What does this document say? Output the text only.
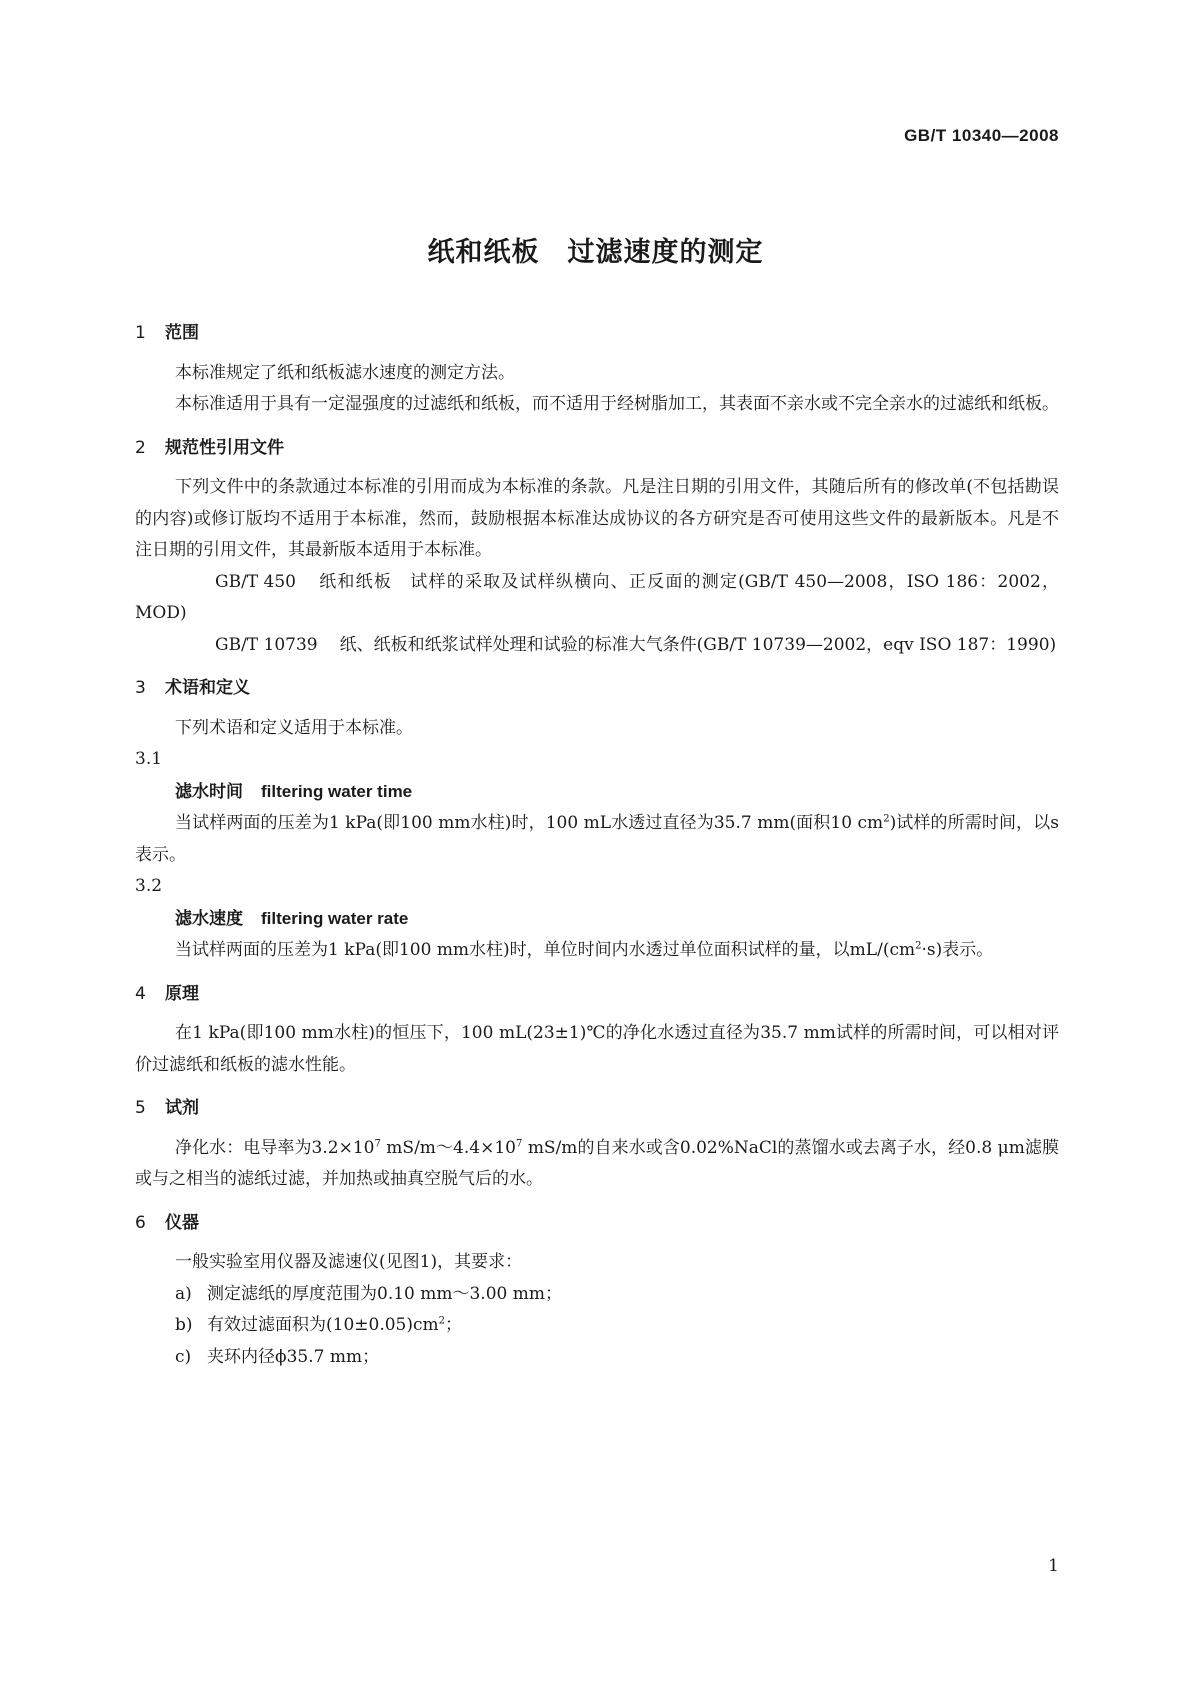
GB/T 10340—2008
纸和纸板 过滤速度的测定
1 范围

本标准规定了纸和纸板滤水速度的测定方法。

本标准适用于具有一定湿强度的过滤纸和纸板，而不适用于经树脂加工，其表面不亲水或不完全亲水的过滤纸和纸板。

2 规范性引用文件

下列文件中的条款通过本标准的引用而成为本标准的条款。凡是注日期的引用文件，其随后所有的修改单(不包括勘误的内容)或修订版均不适用于本标准，然而，鼓励根据本标准达成协议的各方研究是否可使用这些文件的最新版本。凡是不注日期的引用文件，其最新版本适用于本标准。

GB/T 450 纸和纸板　试样的采取及试样纵横向、正反面的测定(GB/T 450—2008，ISO 186：2002，MOD)

GB/T 10739 纸、纸板和纸浆试样处理和试验的标准大气条件(GB/T 10739—2002，eqv ISO 187：1990)

3 术语和定义

下列术语和定义适用于本标准。

3.1

滤水时间 filtering water time

当试样两面的压差为1 kPa(即100 mm水柱)时，100 mL水透过直径为35.7 mm(面积10 $cm^2$)试样的所需时间，以s表示。

3.2

滤水速度 filtering water rate

当试样两面的压差为1 kPa(即100 mm水柱)时，单位时间内水透过单位面积试样的量，以$mL/(cm^2\cdot s)$表示。

4 原理

在1 kPa(即100 mm水柱)的恒压下，100 mL(23±1)℃的净化水透过直径为35.7 mm试样的所需时间，可以相对评价过滤纸和纸板的滤水性能。

5 试剂

净化水：电导率为$3.2\times 10^7$ $mS/m\sim 4.4\times 10^7$ mS/m的自来水或含0.02%NaCl的蒸馏水或去离子水，经0.8 μm滤膜或与之相当的滤纸过滤，并加热或抽真空脱气后的水。

6 仪器

一般实验室用仪器及滤速仪(见图1)，其要求：

a) 测定滤纸的厚度范围为0.10 mm～3.00 mm；

b) 有效过滤面积为$(10\pm 0.05)cm^2$；

c) 夹环内径ϕ35.7 mm；

1
